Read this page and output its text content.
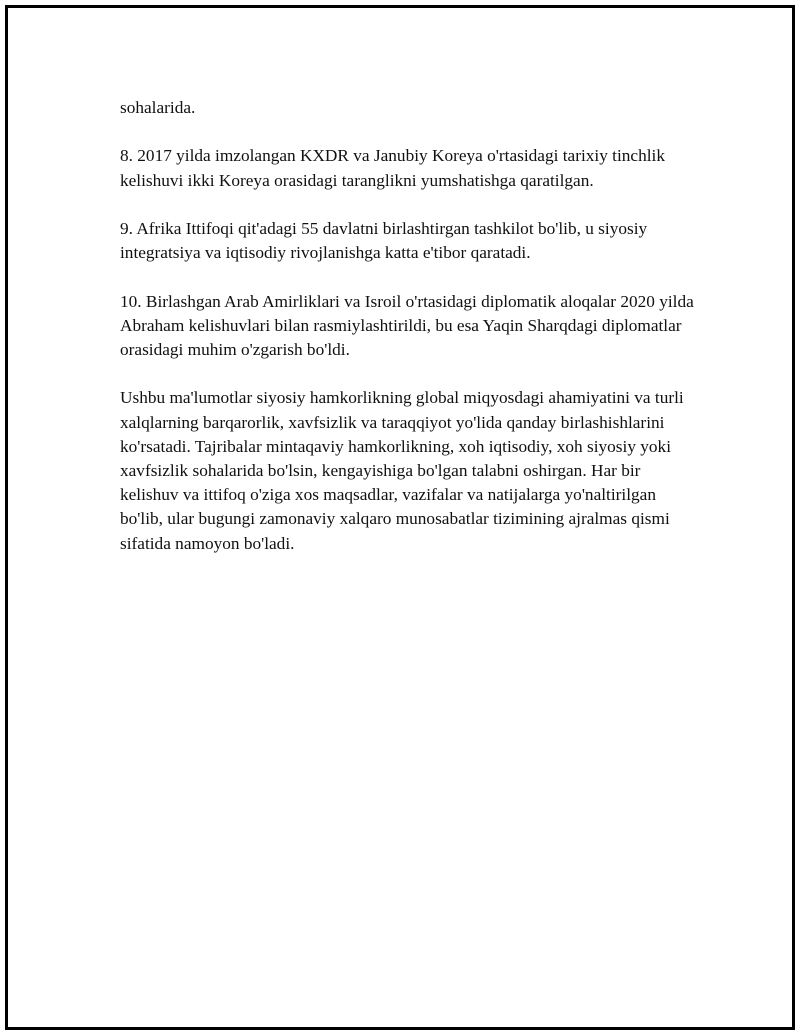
sohalarida.

8. 2017 yilda imzolangan KXDR va Janubiy Koreya o'rtasidagi tarixiy tinchlik kelishuvi ikki Koreya orasidagi taranglikni yumshatishga qaratilgan.

9. Afrika Ittifoqi qit'adagi 55 davlatni birlashtirgan tashkilot bo'lib, u siyosiy integratsiya va iqtisodiy rivojlanishga katta e'tibor qaratadi.

10. Birlashgan Arab Amirliklari va Isroil o'rtasidagi diplomatik aloqalar 2020 yilda Abraham kelishuvlari bilan rasmiylashtirildi, bu esa Yaqin Sharqdagi diplomatlar orasidagi muhim o'zgarish bo'ldi.

Ushbu ma'lumotlar siyosiy hamkorlikning global miqyosdagi ahamiyatini va turli xalqlarning barqarorlik, xavfsizlik va taraqqiyot yo'lida qanday birlashishlarini ko'rsatadi. Tajribalar mintaqaviy hamkorlikning, xoh iqtisodiy, xoh siyosiy yoki xavfsizlik sohalarida bo'lsin, kengayishiga bo'lgan talabni oshirgan. Har bir kelishuv va ittifoq o'ziga xos maqsadlar, vazifalar va natijalarga yo'naltirilgan bo'lib, ular bugungi zamonaviy xalqaro munosabatlar tizimining ajralmas qismi sifatida namoyon bo'ladi.
